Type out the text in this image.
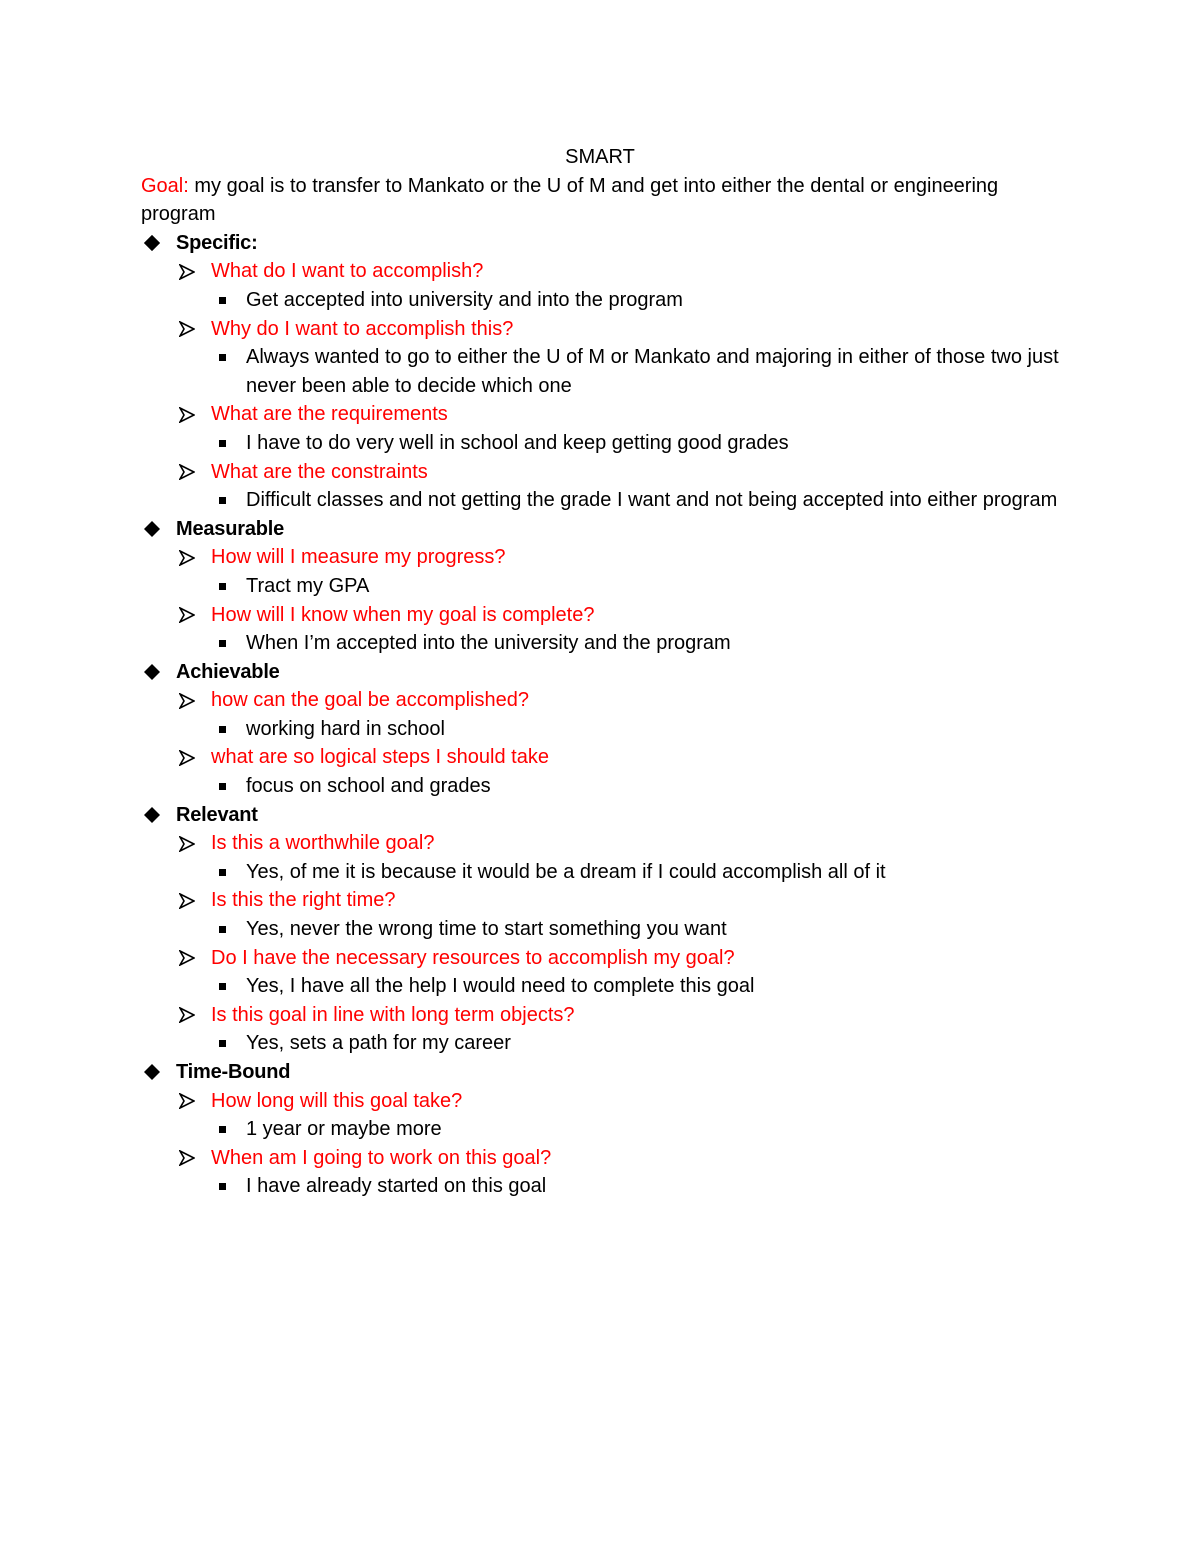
SMART

Goal: my goal is to transfer to Mankato or the U of M and get into either the dental or engineering program

Specific:
What do I want to accomplish?
Get accepted into university and into the program
Why do I want to accomplish this?
Always wanted to go to either the U of M or Mankato and majoring in either of those two just never been able to decide which one
What are the requirements
I have to do very well in school and keep getting good grades
What are the constraints
Difficult classes and not getting the grade I want and not being accepted into either program
Measurable
How will I measure my progress?
Tract my GPA
How will I know when my goal is complete?
When I’m accepted into the university and the program
Achievable
how can the goal be accomplished?
working hard in school
what are so logical steps I should take
focus on school and grades
Relevant
Is this a worthwhile goal?
Yes, of me it is because it would be a dream if I could accomplish all of it
Is this the right time?
Yes, never the wrong time to start something you want
Do I have the necessary resources to accomplish my goal?
Yes, I have all the help I would need to complete this goal
Is this goal in line with long term objects?
Yes, sets a path for my career
Time-Bound
How long will this goal take?
1 year or maybe more
When am I going to work on this goal?
I have already started on this goal
